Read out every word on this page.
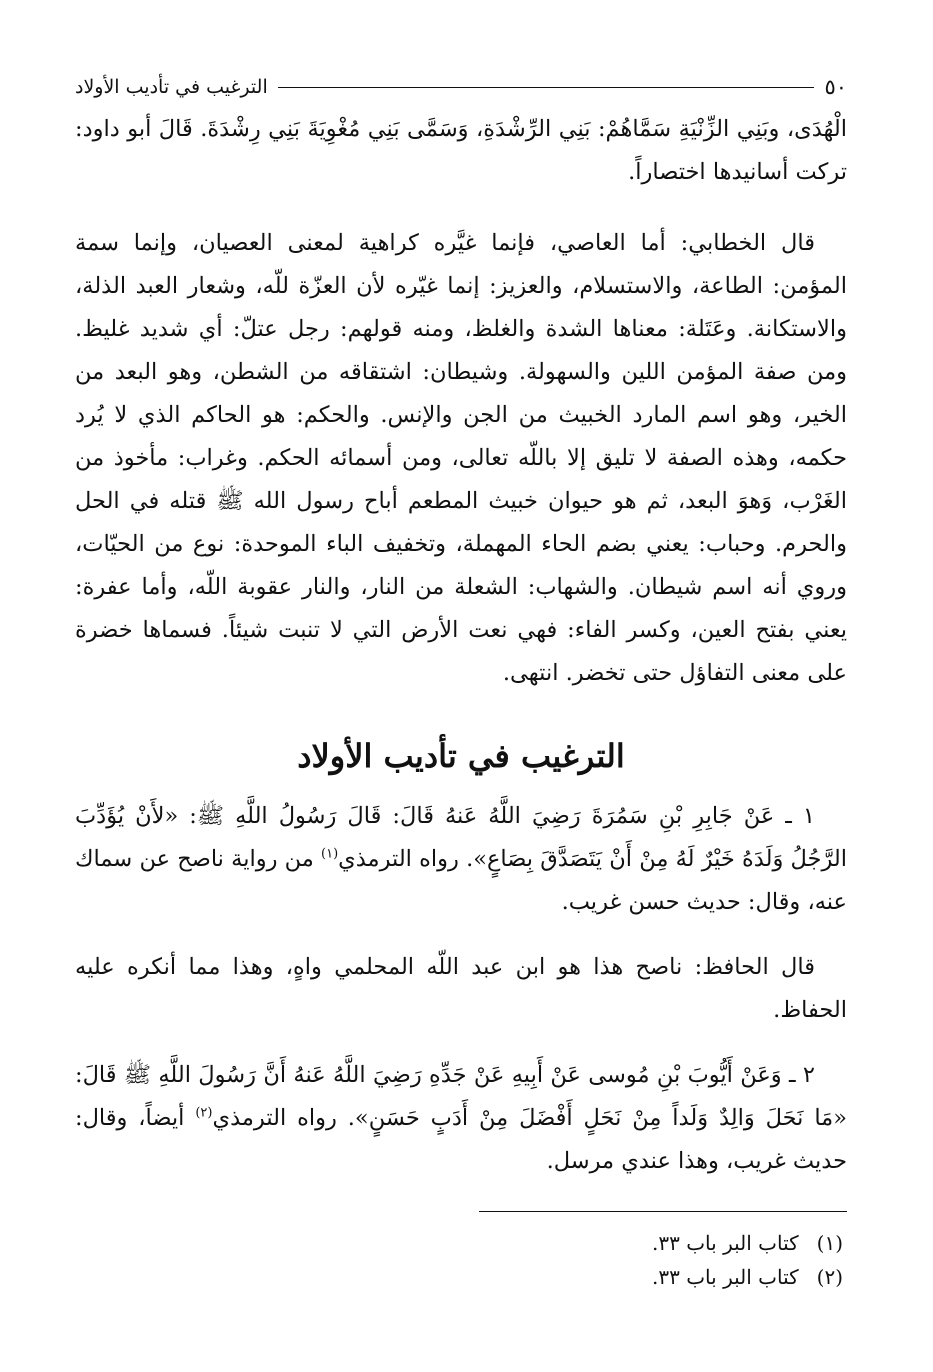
٥٠
الترغيب في تأديب الأولاد

الْهُدَى، وبَنِي الزِّنْيَةِ سَمَّاهُمْ: بَنِي الرِّشْدَةِ، وَسَمَّى بَنِي مُغْوِيَةَ بَنِي رِشْدَةَ. قَالَ أبو داود: تركت أسانيدها اختصاراً.

قال الخطابي: أما العاصي، فإنما غيَّره كراهية لمعنى العصيان، وإنما سمة المؤمن: الطاعة، والاستسلام، والعزيز: إنما غيّره لأن العزّة للّه، وشعار العبد الذلة، والاستكانة. وعَتَلة: معناها الشدة والغلظ، ومنه قولهم: رجل عتلّ: أي شديد غليظ. ومن صفة المؤمن اللين والسهولة. وشيطان: اشتقاقه من الشطن، وهو البعد من الخير، وهو اسم المارد الخبيث من الجن والإنس. والحكم: هو الحاكم الذي لا يُرد حكمه، وهذه الصفة لا تليق إلا باللّه تعالى، ومن أسمائه الحكم. وغراب: مأخوذ من الغَرْب، وَهوَ البعد، ثم هو حيوان خبيث المطعم أباح رسول الله ﷺ قتله في الحل والحرم. وحباب: يعني بضم الحاء المهملة، وتخفيف الباء الموحدة: نوع من الحيّات، وروي أنه اسم شيطان. والشهاب: الشعلة من النار، والنار عقوبة اللّه، وأما عفرة: يعني بفتح العين، وكسر الفاء: فهي نعت الأرض التي لا تنبت شيئاً. فسماها خضرة على معنى التفاؤل حتى تخضر. انتهى.

الترغيب في تأديب الأولاد

١ ـ عَنْ جَابِرِ بْنِ سَمُرَةَ رَضِيَ اللَّهُ عَنهُ قَالَ: قَالَ رَسُولُ اللَّهِ ﷺ: «لأَنْ يُؤَدِّبَ الرَّجُلُ وَلَدَهُ خَيْرٌ لَهُ مِنْ أَنْ يَتَصَدَّقَ بِصَاعٍ». رواه الترمذي$^{(١)}$ من رواية ناصح عن سماك عنه، وقال: حديث حسن غريب.

قال الحافظ: ناصح هذا هو ابن عبد اللّه المحلمي واهٍ، وهذا مما أنكره عليه الحفاظ.

٢ ـ وَعَنْ أَيُّوبَ بْنِ مُوسى عَنْ أَبِيهِ عَنْ جَدِّهِ رَضِيَ اللَّهُ عَنهُ أَنَّ رَسُولَ اللَّهِ ﷺ قَالَ: «مَا نَحَلَ وَالِدٌ وَلَداً مِنْ نَحَلٍ أَفْضَلَ مِنْ أَدَبٍ حَسَنٍ». رواه الترمذي$^{(٢)}$ أيضاً، وقال: حديث غريب، وهذا عندي مرسل.

(١)
كتاب البر باب ٣٣.
(٢)
كتاب البر باب ٣٣.
